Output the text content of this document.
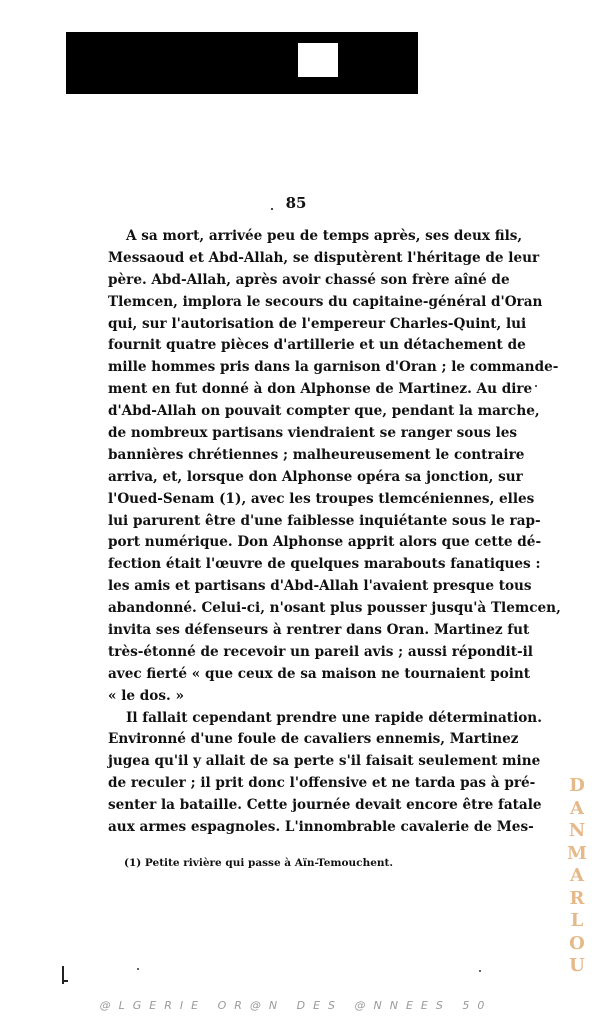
85
A sa mort, arrivée peu de temps après, ses deux fils,
Messaoud et Abd-Allah, se disputèrent l'héritage de leur
père. Abd-Allah, après avoir chassé son frère aîné de
Tlemcen, implora le secours du capitaine-général d'Oran
qui, sur l'autorisation de l'empereur Charles-Quint, lui
fournit quatre pièces d'artillerie et un détachement de
mille hommes pris dans la garnison d'Oran ; le commande-
ment en fut donné à don Alphonse de Martinez. Au dire
d'Abd-Allah on pouvait compter que, pendant la marche,
de nombreux partisans viendraient se ranger sous les
bannières chrétiennes ; malheureusement le contraire
arriva, et, lorsque don Alphonse opéra sa jonction, sur
l'Oued-Senam (1), avec les troupes tlemcéniennes, elles
lui parurent être d'une faiblesse inquiétante sous le rap-
port numérique. Don Alphonse apprit alors que cette dé-
fection était l'œuvre de quelques marabouts fanatiques :
les amis et partisans d'Abd-Allah l'avaient presque tous
abandonné. Celui-ci, n'osant plus pousser jusqu'à Tlemcen,
invita ses défenseurs à rentrer dans Oran. Martinez fut
très-étonné de recevoir un pareil avis ; aussi répondit-il
avec fierté « que ceux de sa maison ne tournaient point
« le dos. »
Il fallait cependant prendre une rapide détermination.
Environné d'une foule de cavaliers ennemis, Martinez
jugea qu'il y allait de sa perte s'il faisait seulement mine
de reculer ; il prit donc l'offensive et ne tarda pas à pré-
senter la bataille. Cette journée devait encore être fatale
aux armes espagnoles. L'innombrable cavalerie de Mes-
(1) Petite rivière qui passe à Aïn-Temouchent.
DANMARLOU
@LGERIE OR@N DES @NNEES 50
